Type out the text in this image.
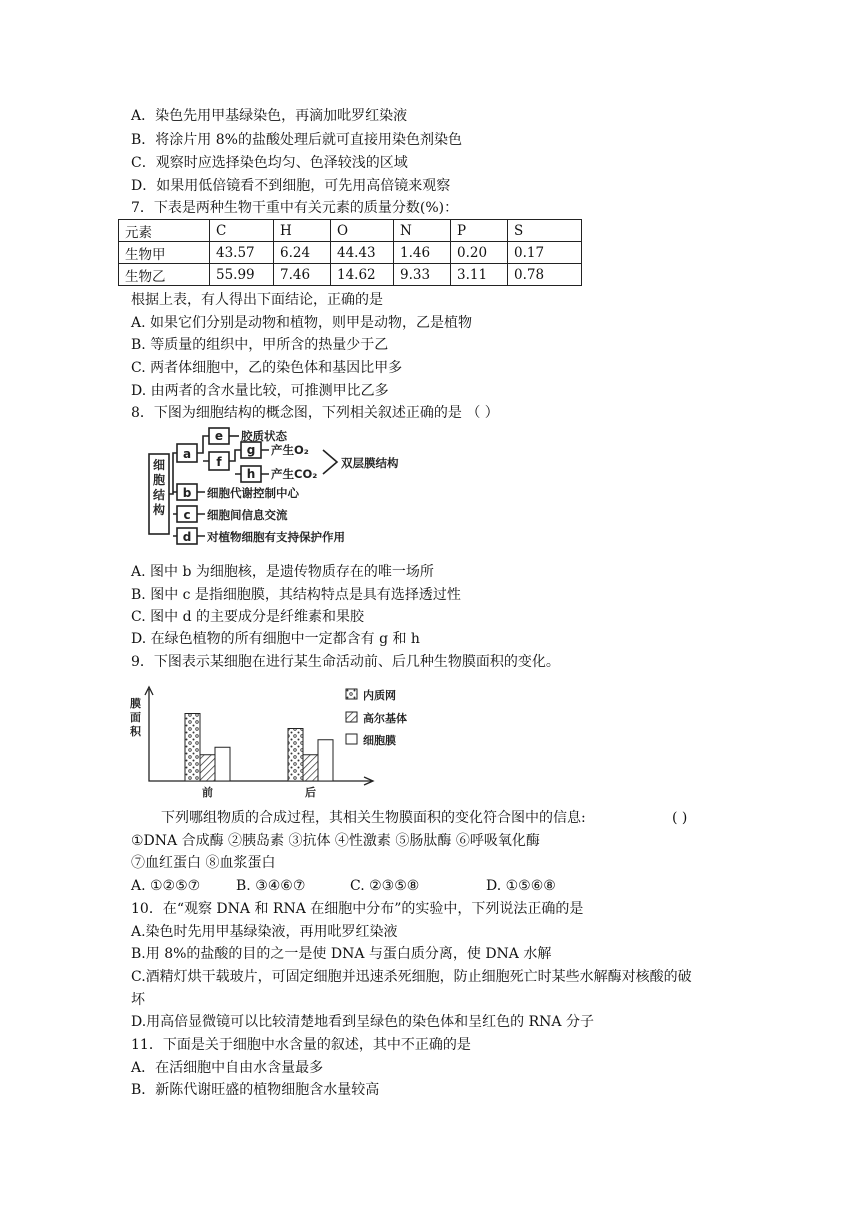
A．染色先用甲基绿染色，再滴加吡罗红染液
B．将涂片用 8%的盐酸处理后就可直接用染色剂染色
C．观察时应选择染色均匀、色泽较浅的区域
D．如果用低倍镜看不到细胞，可先用高倍镜来观察
7．下表是两种生物干重中有关元素的质量分数(%)：
元素	C	H	O	N	P	S
生物甲	43.57	6.24	44.43	1.46	0.20	0.17
生物乙	55.99	7.46	14.62	9.33	3.11	0.78
根据上表，有人得出下面结论，正确的是
A. 如果它们分别是动物和植物，则甲是动物，乙是植物
B. 等质量的组织中，甲所含的热量少于乙
C. 两者体细胞中，乙的染色体和基因比甲多
D. 由两者的含水量比较，可推测甲比乙多
8．下图为细胞结构的概念图，下列相关叙述正确的是 （ ）
细
胞
结
构
a
b
c
d
e
f
g
h
胶质状态
产生O₂
产生CO₂
双层膜结构
细胞代谢控制中心
细胞间信息交流
对植物细胞有支持保护作用
A. 图中 b 为细胞核，是遗传物质存在的唯一场所
B. 图中 c 是指细胞膜，其结构特点是具有选择透过性
C. 图中 d 的主要成分是纤维素和果胶
D. 在绿色植物的所有细胞中一定都含有 g 和 h
9．下图表示某细胞在进行某生命活动前、后几种生物膜面积的变化。
膜
面
积
前	后
内质网
高尔基体
细胞膜
下列哪组物质的合成过程，其相关生物膜面积的变化符合图中的信息:	( )
①DNA 合成酶 ②胰岛素 ③抗体 ④性激素 ⑤肠肽酶 ⑥呼吸氧化酶
⑦血红蛋白 ⑧血浆蛋白
A. ①②⑤⑦	B. ③④⑥⑦	C. ②③⑤⑧	D. ①⑤⑥⑧
10．在“观察 DNA 和 RNA 在细胞中分布”的实验中，下列说法正确的是
A.染色时先用甲基绿染液，再用吡罗红染液
B.用 8%的盐酸的目的之一是使 DNA 与蛋白质分离，使 DNA 水解
C.酒精灯烘干载玻片，可固定细胞并迅速杀死细胞，防止细胞死亡时某些水解酶对核酸的破
坏
D.用高倍显微镜可以比较清楚地看到呈绿色的染色体和呈红色的 RNA 分子
11．下面是关于细胞中水含量的叙述，其中不正确的是
A．在活细胞中自由水含量最多
B．新陈代谢旺盛的植物细胞含水量较高
